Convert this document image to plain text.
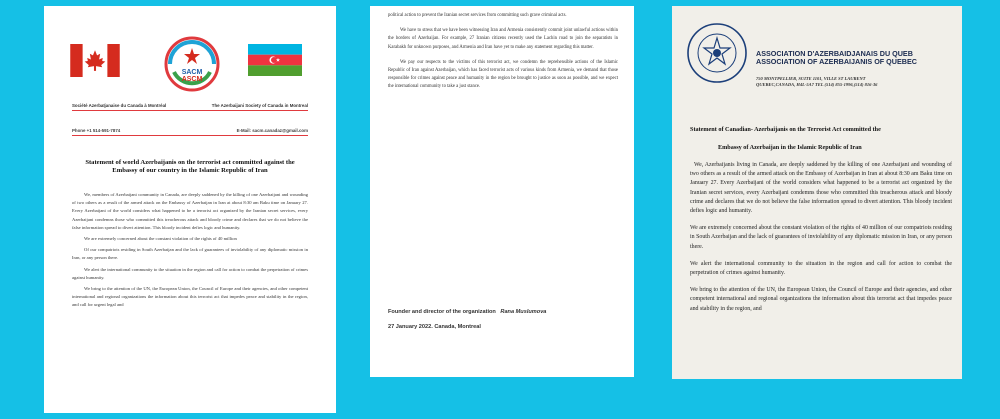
SACM
ASCM
Société Azerbaïjanaise du Canada à Montréal	The Azerbaijani Society of Canada in Montreal
Phone +1 514-591-7874	E-Mail: sacm.canadaz@gmail.com
Statement of world Azerbaijanis on the terrorist act committed against the Embassy of our country in the Islamic Republic of Iran

We, members of Azerbaijani community in Canada, are deeply saddened by the killing of one Azerbaijani and wounding of two others as a result of the armed attack on the Embassy of Azerbaijan in Iran at about 8:30 am Baku time on January 27. Every Azerbaijani of the world considers what happened to be a terrorist act organized by the Iranian secret services, every Azerbaijani condemns those who committed this treacherous attack and bloody crime and declares that we do not believe the false information spread to divert attention. This bloody incident defies logic and humanity.

We are extremely concerned about the constant violation of the rights of 40 million

Of our compatriots residing in South Azerbaijan and the lack of guarantees of inviolability of any diplomatic mission in Iran, or any person there.

We alert the international community to the situation in the region and call for action to combat the perpetration of crimes against humanity.

We bring to the attention of the UN, the European Union, the Council of Europe and their agencies, and other competent international and regional organizations the information about this terrorist act that impedes peace and stability in the region, and call for urgent legal and

political action to prevent the Iranian secret services from committing such grave criminal acts.

We have to stress that we have been witnessing Iran and Armenia consistently commit joint unlawful actions within the borders of Azerbaijan. For example, 27 Iranian citizens recently used the Lachin road to join the separatists in Karabakh for unknown purposes, and Armenia and Iran have yet to make any statement regarding this matter.

We pay our respects to the victims of this terrorist act, we condemn the reprehensible actions of the Islamic Republic of Iran against Azerbaijan, which has faced terrorist acts of various kinds from Armenia, we demand that those responsible for crimes against peace and humanity in the region be brought to justice as soon as possible, and we expect the international community to take a just stance.

Founder and director of the organization Rana Muslumova
27 January 2022. Canada, Montreal
ASSOCIATION D'AZERBAIDJANAIS DU QUEB
ASSOCIATION OF AZERBAIJANIS OF QUEBEC
750 MONTPELLIER, SUITE 1101, VILLE ST LAURENT
QUEBEC,CANADA, H4L-5A7 TEL (514) 855-1996,(514) 816-36
Statement of Canadian- Azerbaijanis on the Terrorist Act committed the
Embassy of Azerbaijan in the Islamic Republic of Iran

We, Azerbaijanis living in Canada, are deeply saddened by the killing of one Azerbaijani and wounding of two others as a result of the armed attack on the Embassy of Azerbaijan in Iran at about 8:30 am Baku time on January 27. Every Azerbaijani of the world considers what happened to be a terrorist act organized by the Iranian secret services, every Azerbaijani condemns those who committed this treacherous attack and bloody crime and declares that we do not believe the false information spread to divert attention. This bloody incident defies logic and humanity.

We are extremely concerned about the constant violation of the rights of 40 million of our compatriots residing in South Azerbaijan and the lack of guarantees of inviolability of any diplomatic mission in Iran, or any person there.

We alert the international community to the situation in the region and call for action to combat the perpetration of crimes against humanity.

We bring to the attention of the UN, the European Union, the Council of Europe and their agencies, and other competent international and regional organizations the information about this terrorist act that impedes peace and stability in the region, and
